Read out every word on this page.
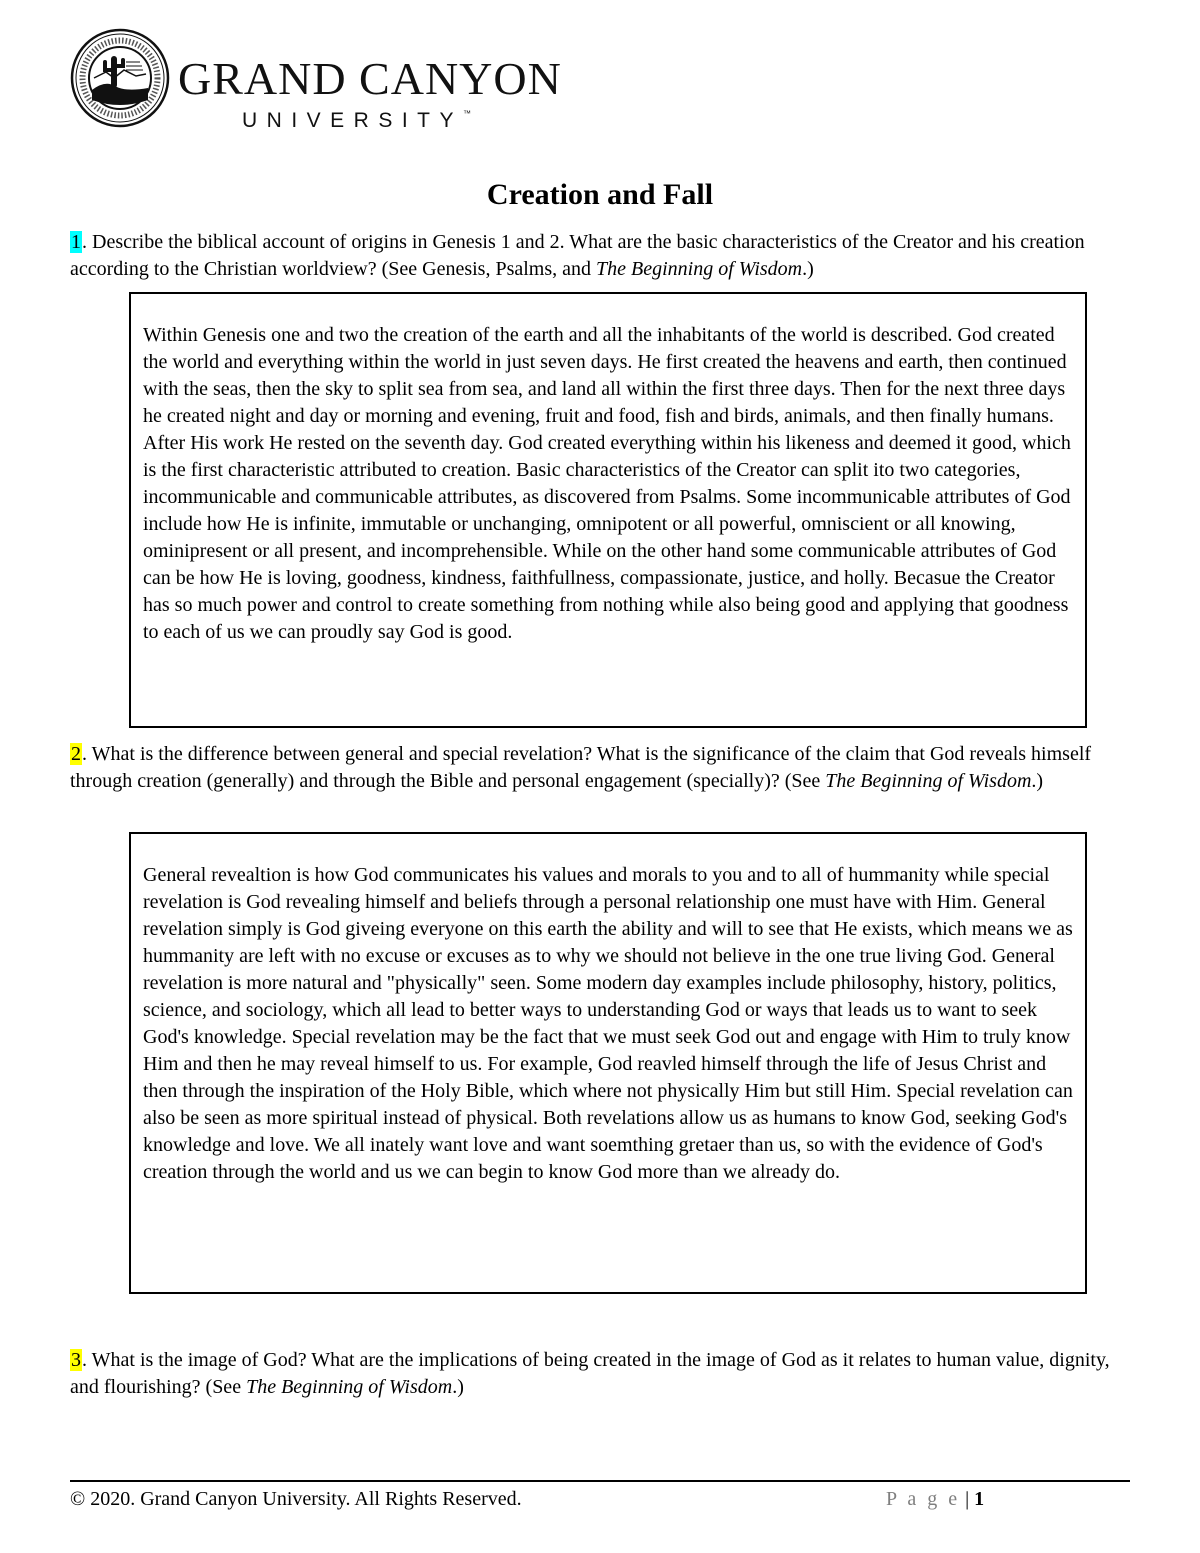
GRAND CANYON
UNIVERSITY™
Creation and Fall

1. Describe the biblical account of origins in Genesis 1 and 2. What are the basic characteristics of the Creator and his creation according to the Christian worldview? (See Genesis, Psalms, and The Beginning of Wisdom.)

Within Genesis one and two the creation of the earth and all the inhabitants of the world is described. God created the world and everything within the world in just seven days. He first created the heavens and earth, then continued with the seas, then the sky to split sea from sea, and land all within the first three days. Then for the next three days he created night and day or morning and evening, fruit and food, fish and birds, animals, and then finally humans. After His work He rested on the seventh day. God created everything within his likeness and deemed it good, which is the first characteristic attributed to creation. Basic characteristics of the Creator can split ito two categories, incommunicable and communicable attributes, as discovered from Psalms. Some incommunicable attributes of God include how He is infinite, immutable or unchanging, omnipotent or all powerful, omniscient or all knowing, ominipresent or all present, and incomprehensible. While on the other hand some communicable attributes of God can be how He is loving, goodness, kindness, faithfullness, compassionate, justice, and holly. Becasue the Creator has so much power and control to create something from nothing while also being good and applying that goodness to each of us we can proudly say God is good.

2. What is the difference between general and special revelation? What is the significance of the claim that God reveals himself through creation (generally) and through the Bible and personal engagement (specially)? (See The Beginning of Wisdom.)

General revealtion is how God communicates his values and morals to you and to all of hummanity while special revelation is God revealing himself and beliefs through a personal relationship one must have with Him. General revelation simply is God giveing everyone on this earth the ability and will to see that He exists, which means we as hummanity are left with no excuse or excuses as to why we should not believe in the one true living God. General revelation is more natural and "physically" seen. Some modern day examples include philosophy, history, politics, science, and sociology, which all lead to better ways to understanding God or ways that leads us to want to seek God's knowledge. Special revelation may be the fact that we must seek God out and engage with Him to truly know Him and then he may reveal himself to us. For example, God reavled himself through the life of Jesus Christ and then through the inspiration of the Holy Bible, which where not physically Him but still Him. Special revelation can also be seen as more spiritual instead of physical. Both revelations allow us as humans to know God, seeking God's knowledge and love. We all inately want love and want soemthing gretaer than us, so with the evidence of God's creation through the world and us we can begin to know God more than we already do.

3. What is the image of God? What are the implications of being created in the image of God as it relates to human value, dignity, and flourishing? (See The Beginning of Wisdom.)

© 2020. Grand Canyon University. All Rights Reserved.	P a g e | 1
